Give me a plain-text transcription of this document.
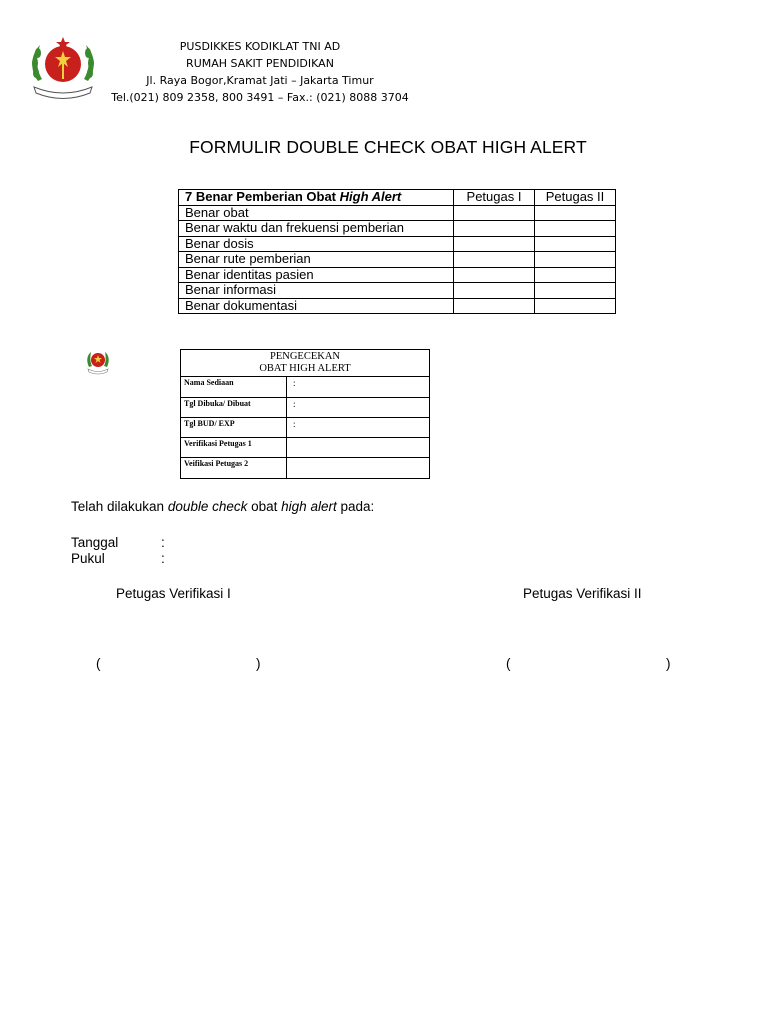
PUSDIKKES KODIKLAT TNI AD
RUMAH SAKIT PENDIDIKAN
Jl. Raya Bogor,Kramat Jati – Jakarta Timur
Tel.(021) 809 2358, 800 3491 – Fax.: (021) 8088 3704
FORMULIR DOUBLE CHECK OBAT HIGH ALERT
7 Benar Pemberian Obat High Alert	Petugas I	Petugas II
Benar obat		
Benar waktu dan frekuensi pemberian		
Benar dosis		
Benar rute pemberian		
Benar identitas pasien		
Benar informasi		
Benar dokumentasi		
PENGECEKAN
OBAT HIGH ALERT	

Nama Sediaan	:
Tgl Dibuka/ Dibuat	:
Tgl BUD/ EXP	:
Verifikasi Petugas 1	
Veifikasi Petugas 2	
Telah dilakukan double check obat high alert pada:
Tanggal	:
Pukul	:
Petugas Verifikasi I	Petugas Verifikasi II
(	)	(	)
